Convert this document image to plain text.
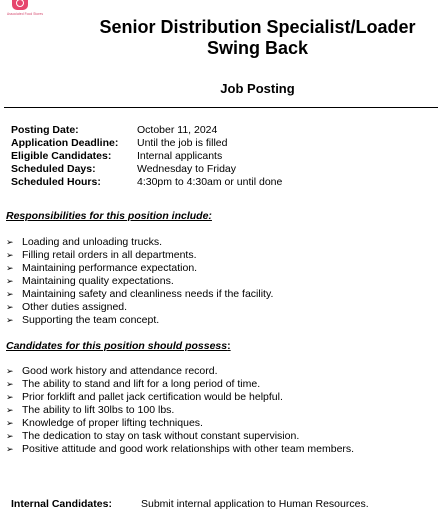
Associated Food Stores
Senior Distribution Specialist/Loader
Swing Back
Job Posting
Posting Date:	October 11, 2024
Application Deadline:	Until the job is filled
Eligible Candidates:	Internal applicants
Scheduled Days:	Wednesday to Friday
Scheduled Hours:	4:30pm to 4:30am or until done
Responsibilities for this position include:
➢ Loading and unloading trucks.
➢ Filling retail orders in all departments.
➢ Maintaining performance expectation.
➢ Maintaining quality expectations.
➢ Maintaining safety and cleanliness needs if the facility.
➢ Other duties assigned.
➢ Supporting the team concept.
Candidates for this position should possess:
➢ Good work history and attendance record.
➢ The ability to stand and lift for a long period of time.
➢ Prior forklift and pallet jack certification would be helpful.
➢ The ability to lift 30lbs to 100 lbs.
➢ Knowledge of proper lifting techniques.
➢ The dedication to stay on task without constant supervision.
➢ Positive attitude and good work relationships with other team members.
Internal Candidates:	Submit internal application to Human Resources.
